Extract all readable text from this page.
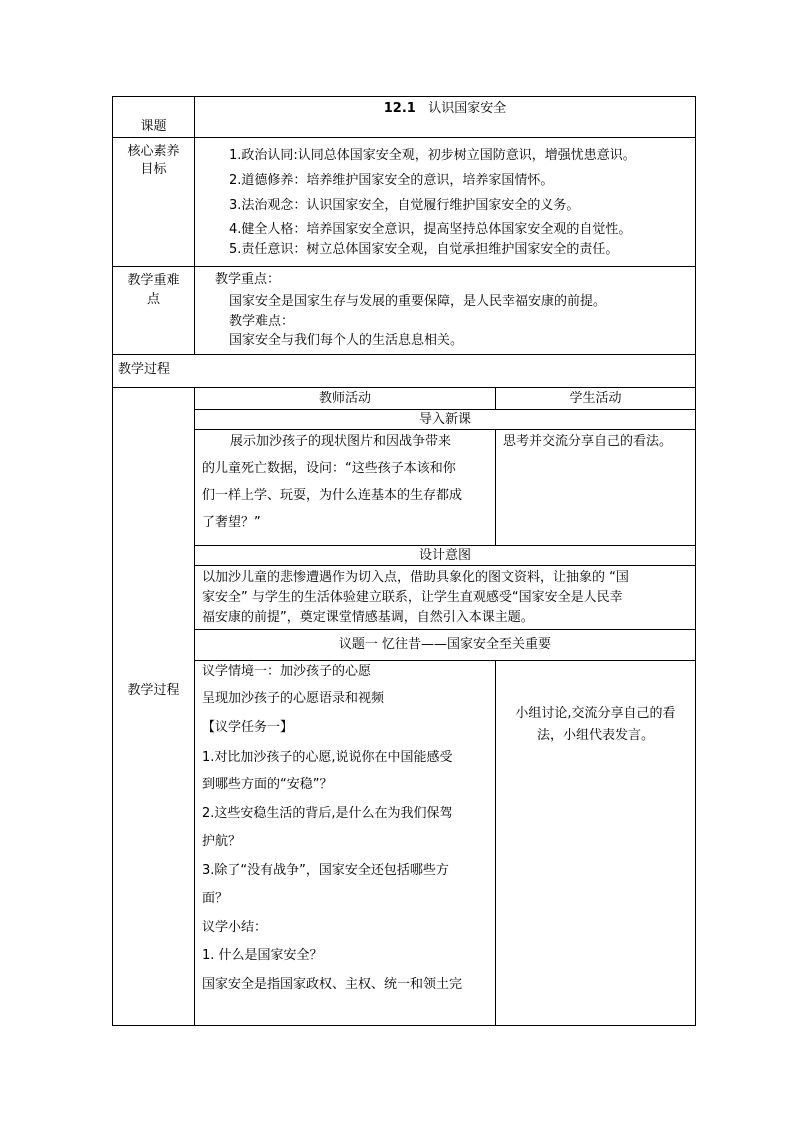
课题
12.1 认识国家安全
核心素养
目标
1.政治认同:认同总体国家安全观，初步树立国防意识，增强忧患意识。
2.道德修养：培养维护国家安全的意识，培养家国情怀。
3.法治观念：认识国家安全，自觉履行维护国家安全的义务。
4.健全人格：培养国家安全意识，提高坚持总体国家安全观的自觉性。
5.责任意识：树立总体国家安全观，自觉承担维护国家安全的责任。
教学重难
点
教学重点：
国家安全是国家生存与发展的重要保障，是人民幸福安康的前提。
教学难点：
国家安全与我们每个人的生活息息相关。
教学过程
教学过程
教师活动	学生活动
导入新课
展示加沙孩子的现状图片和因战争带来
的儿童死亡数据，设问：“这些孩子本该和你
们一样上学、玩耍，为什么连基本的生存都成
了奢望？”
思考并交流分享自己的看法。
设计意图
以加沙儿童的悲惨遭遇作为切入点，借助具象化的图文资料，让抽象的 “国
家安全” 与学生的生活体验建立联系，让学生直观感受“国家安全是人民幸
福安康的前提”，奠定课堂情感基调，自然引入本课主题。
议题一 忆往昔——国家安全至关重要
议学情境一：加沙孩子的心愿
呈现加沙孩子的心愿语录和视频
【议学任务一】
1.对比加沙孩子的心愿,说说你在中国能感受
到哪些方面的“安稳”？
2.这些安稳生活的背后,是什么在为我们保驾
护航？
3.除了“没有战争”，国家安全还包括哪些方
面？
议学小结：
1. 什么是国家安全？
国家安全是指国家政权、主权、统一和领土完
小组讨论,交流分享自己的看
法，小组代表发言。
